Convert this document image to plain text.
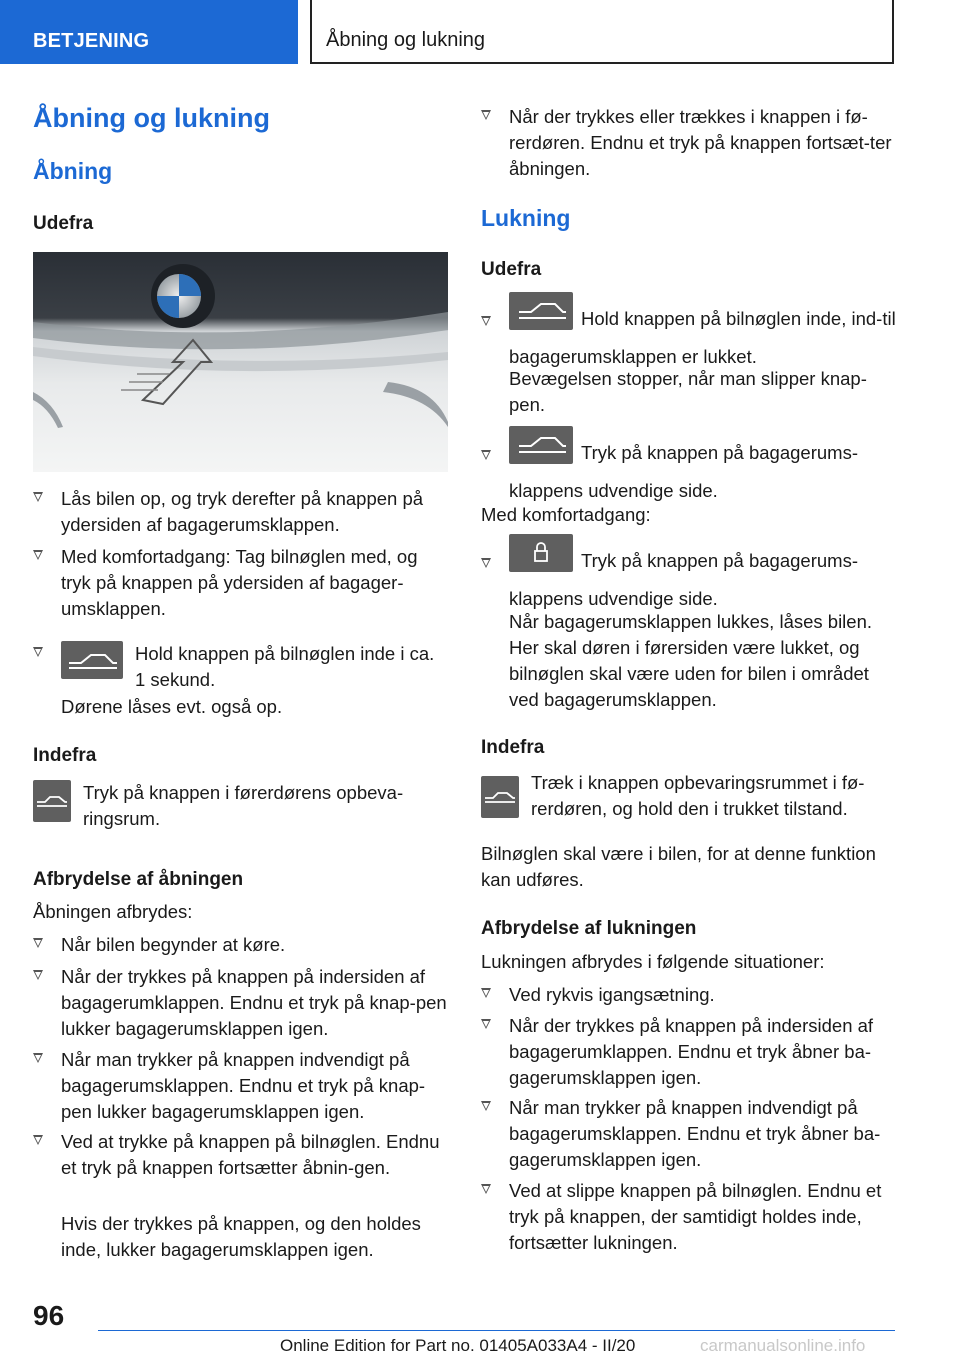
BETJENING	Åbning og lukning
Åbning og lukning
Åbning
Udefra
Lås bilen op, og tryk derefter på knappen på ydersiden af bagagerumsklappen.
Med komfortadgang: Tag bilnøglen med, og tryk på knappen på ydersiden af bagager-umsklappen.
Hold knappen på bilnøglen inde i ca. 1 sekund.
Dørene låses evt. også op.
Indefra
Tryk på knappen i førerdørens opbeva-ringsrum.
Afbrydelse af åbningen
Åbningen afbrydes:
Når bilen begynder at køre.
Når der trykkes på knappen på indersiden af bagagerumklappen. Endnu et tryk på knap-pen lukker bagagerumsklappen igen.
Når man trykker på knappen indvendigt på bagagerumsklappen. Endnu et tryk på knap-pen lukker bagagerumsklappen igen.
Ved at trykke på knappen på bilnøglen. Endnu et tryk på knappen fortsætter åbnin-gen.
Hvis der trykkes på knappen, og den holdes inde, lukker bagagerumsklappen igen.
Når der trykkes eller trækkes i knappen i fø-rerdøren. Endnu et tryk på knappen fortsæt-ter åbningen.
Lukning
Udefra
Hold knappen på bilnøglen inde, ind-til bagagerumsklappen er lukket.
Bevægelsen stopper, når man slipper knap-pen.
Tryk på knappen på bagagerums-klappens udvendige side.
Med komfortadgang:
Tryk på knappen på bagagerums-klappens udvendige side.
Når bagagerumsklappen lukkes, låses bilen. Her skal døren i førersiden være lukket, og bilnøglen skal være uden for bilen i området ved bagagerumsklappen.
Indefra
Træk i knappen opbevaringsrummet i fø-rerdøren, og hold den i trukket tilstand.
Bilnøglen skal være i bilen, for at denne funktion kan udføres.
Afbrydelse af lukningen
Lukningen afbrydes i følgende situationer:
Ved rykvis igangsætning.
Når der trykkes på knappen på indersiden af bagagerumklappen. Endnu et tryk åbner ba-gagerumsklappen igen.
Når man trykker på knappen indvendigt på bagagerumsklappen. Endnu et tryk åbner ba-gagerumsklappen igen.
Ved at slippe knappen på bilnøglen. Endnu et tryk på knappen, der samtidigt holdes inde, fortsætter lukningen.
96
Online Edition for Part no. 01405A033A4 - II/20	carmanualsonline.info
